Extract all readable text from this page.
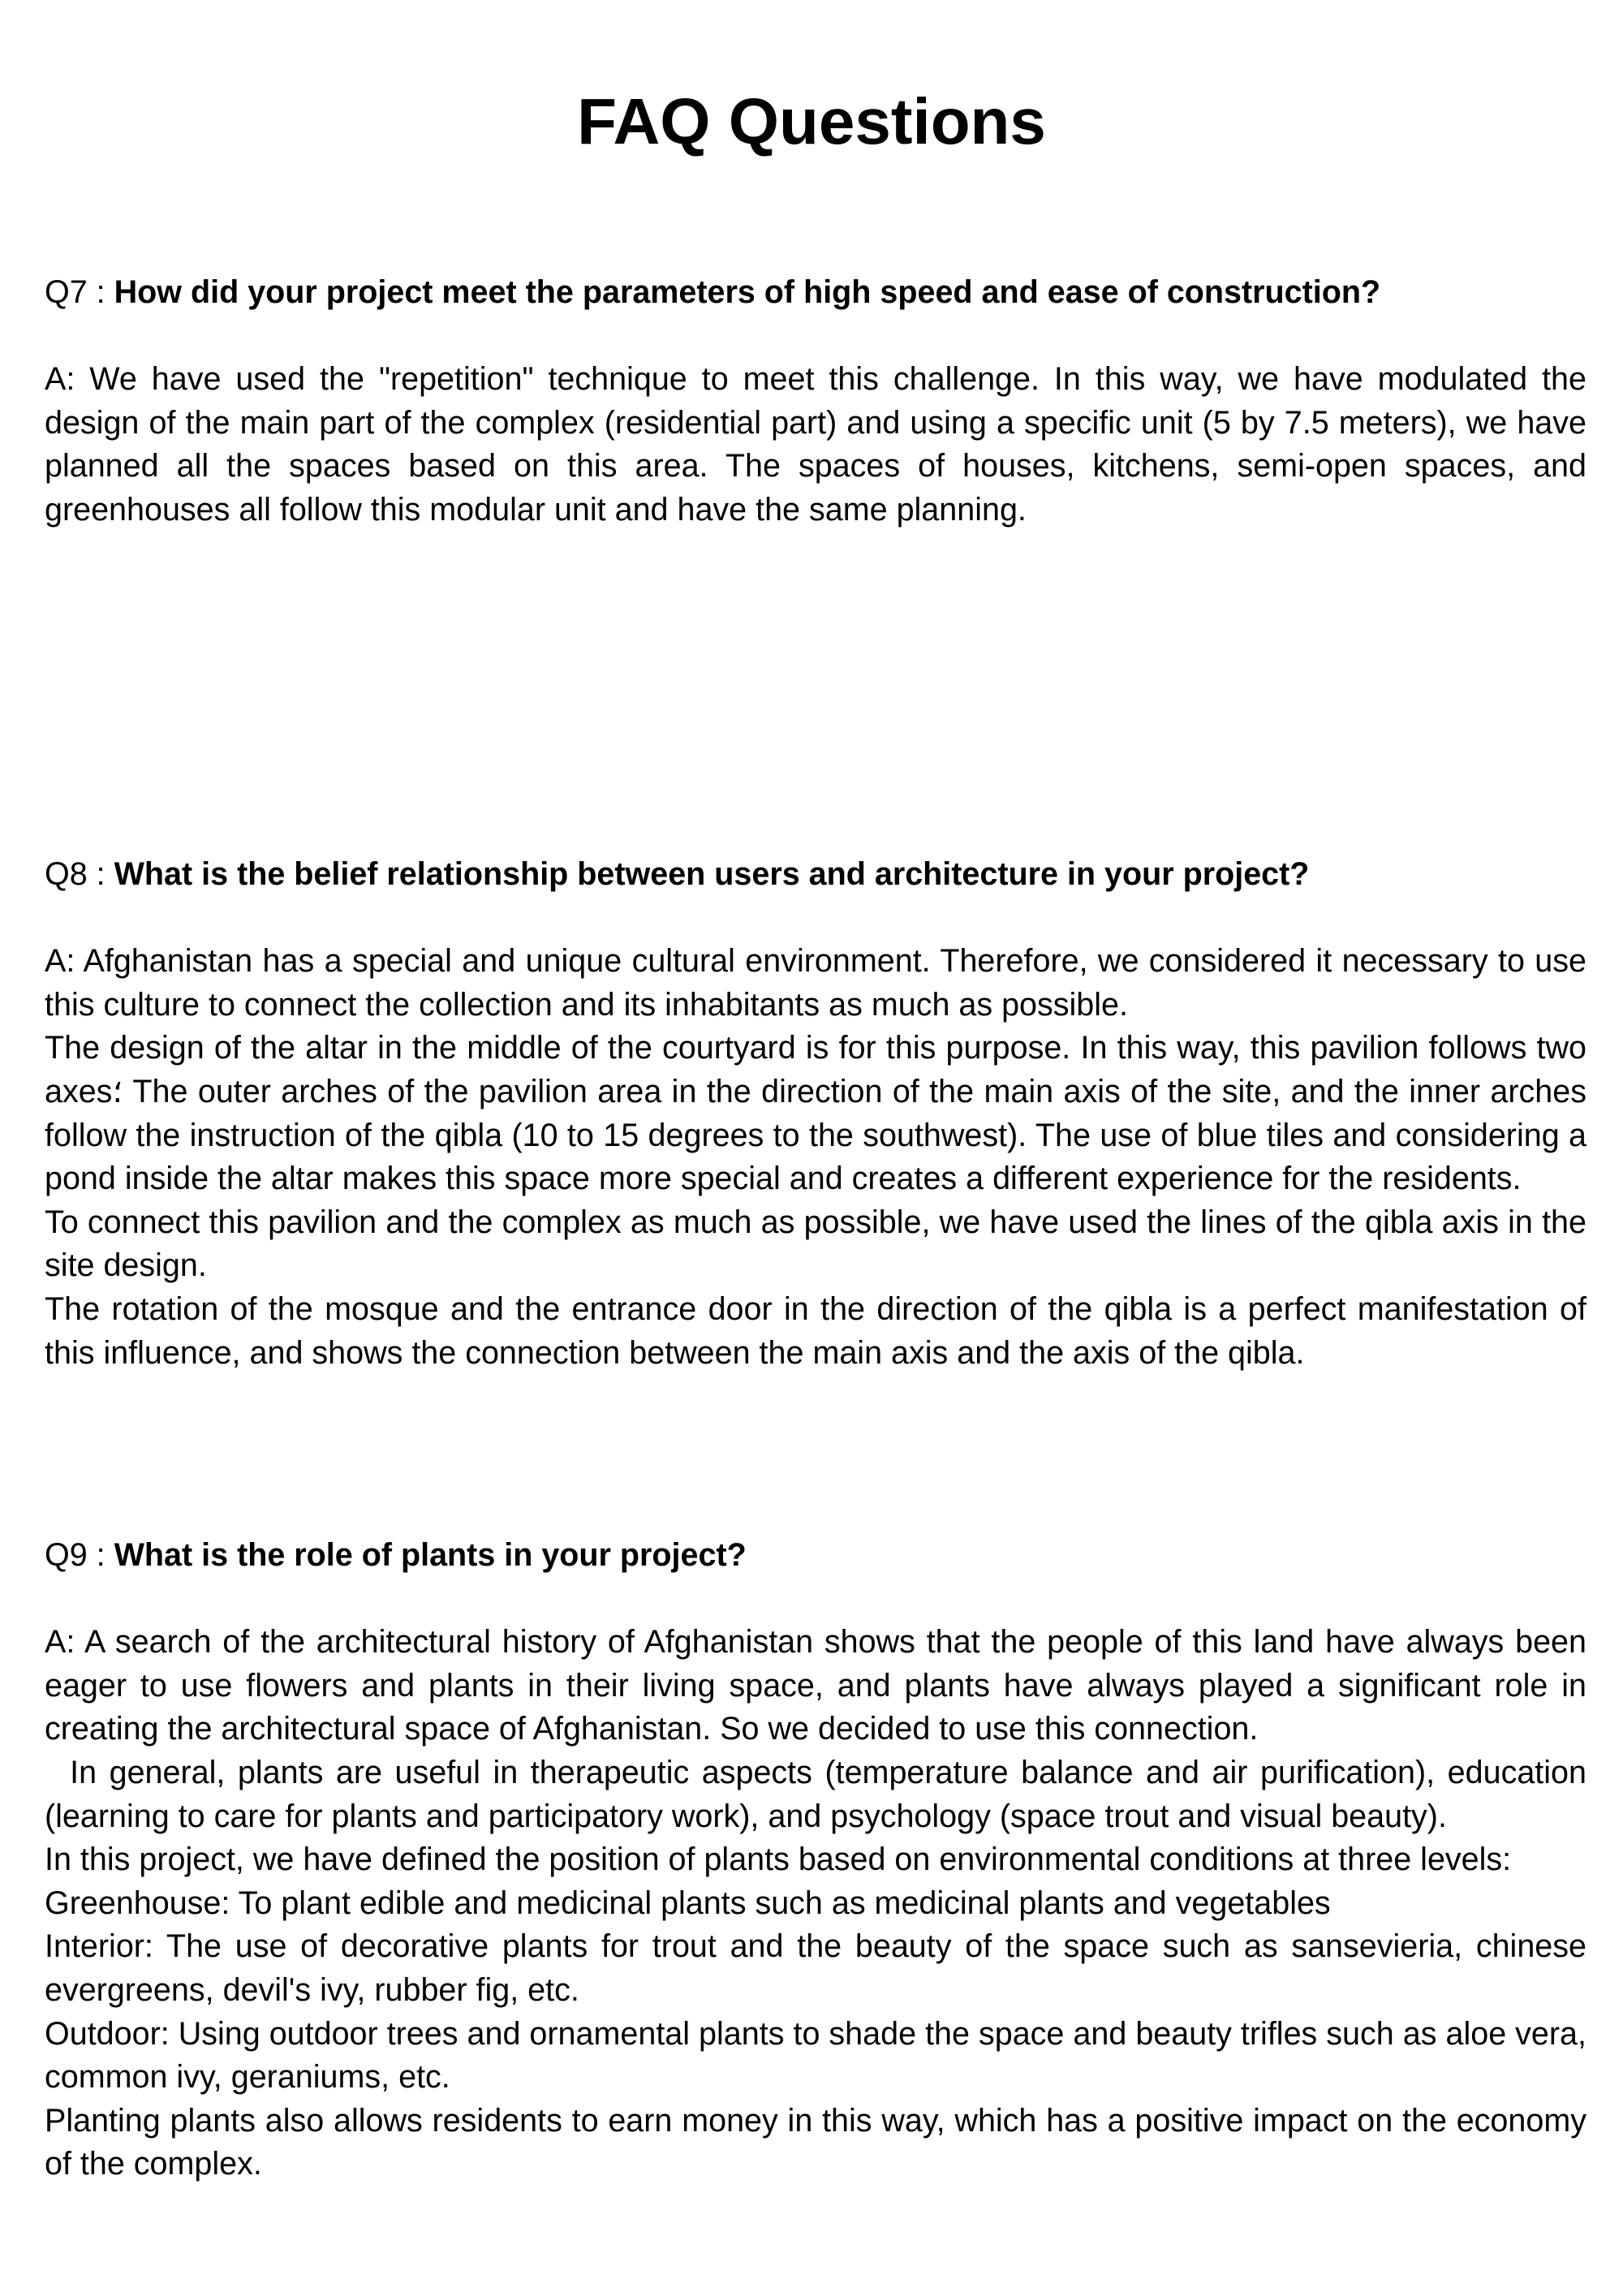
FAQ Questions

Q7 : How did your project meet the parameters of high speed and ease of construction?

A: We have used the "repetition" technique to meet this challenge. In this way, we have modulated the design of the main part of the complex (residential part) and using a specific unit (5 by 7.5 meters), we have planned all the spaces based on this area. The spaces of houses, kitchens, semi-open spaces, and greenhouses all follow this modular unit and have the same planning.

Q8 : What is the belief relationship between users and architecture in your project?

A: Afghanistan has a special and unique cultural environment. Therefore, we considered it necessary to use this culture to connect the collection and its inhabitants as much as possible.

The design of the altar in the middle of the courtyard is for this purpose. In this way, this pavilion follows two axes؛ The outer arches of the pavilion area in the direction of the main axis of the site, and the inner arches follow the instruction of the qibla (10 to 15 degrees to the southwest). The use of blue tiles and considering a pond inside the altar makes this space more special and creates a different experience for the residents.

To connect this pavilion and the complex as much as possible, we have used the lines of the qibla axis in the site design.

The rotation of the mosque and the entrance door in the direction of the qibla is a perfect manifestation of this influence, and shows the connection between the main axis and the axis of the qibla.

Q9 : What is the role of plants in your project?

A: A search of the architectural history of Afghanistan shows that the people of this land have always been eager to use flowers and plants in their living space, and plants have always played a significant role in creating the architectural space of Afghanistan. So we decided to use this connection.

In general, plants are useful in therapeutic aspects (temperature balance and air purification), education (learning to care for plants and participatory work), and psychology (space trout and visual beauty).

In this project, we have defined the position of plants based on environmental conditions at three levels:

Greenhouse: To plant edible and medicinal plants such as medicinal plants and vegetables

Interior: The use of decorative plants for trout and the beauty of the space such as sansevieria, chinese evergreens, devil's ivy, rubber fig, etc.

Outdoor: Using outdoor trees and ornamental plants to shade the space and beauty trifles such as aloe vera, common ivy, geraniums, etc.

Planting plants also allows residents to earn money in this way, which has a positive impact on the economy of the complex.
